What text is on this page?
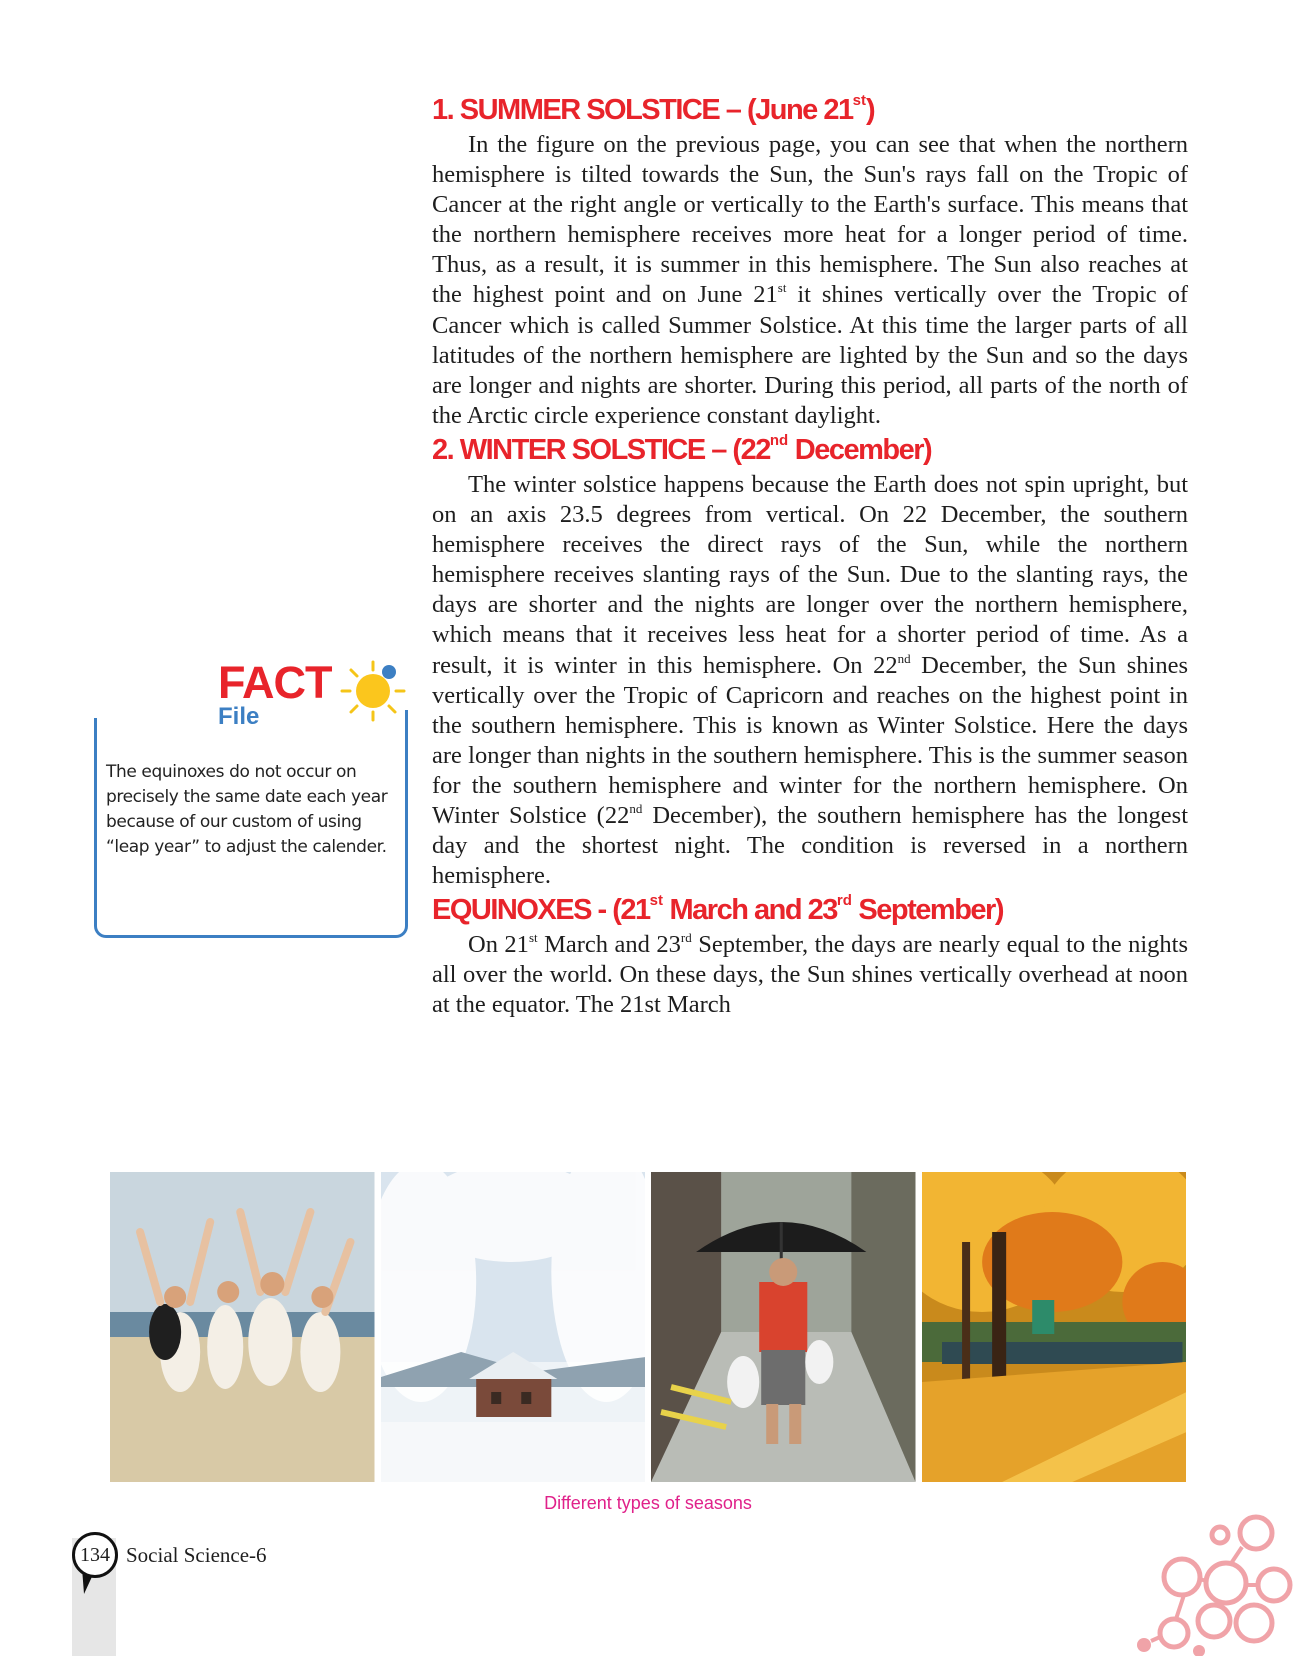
1. SUMMER SOLSTICE – (June 21st)

In the figure on the previous page, you can see that when the northern hemisphere is tilted towards the Sun, the Sun's rays fall on the Tropic of Cancer at the right angle or vertically to the Earth's surface. This means that the northern hemisphere receives more heat for a longer period of time. Thus, as a result, it is summer in this hemisphere. The Sun also reaches at the highest point and on June 21st it shines vertically over the Tropic of Cancer which is called Summer Solstice. At this time the larger parts of all latitudes of the northern hemisphere are lighted by the Sun and so the days are longer and nights are shorter. During this period, all parts of the north of the Arctic circle experience constant daylight.

2. WINTER SOLSTICE – (22nd December)

The winter solstice happens because the Earth does not spin upright, but on an axis 23.5 degrees from vertical. On 22 December, the southern hemisphere receives the direct rays of the Sun, while the northern hemisphere receives slanting rays of the Sun. Due to the slanting rays, the days are shorter and the nights are longer over the northern hemisphere, which means that it receives less heat for a shorter period of time. As a result, it is winter in this hemisphere. On 22nd December, the Sun shines vertically over the Tropic of Capricorn and reaches on the highest point in the southern hemisphere. This is known as Winter Solstice. Here the days are longer than nights in the southern hemisphere. This is the summer season for the southern hemisphere and winter for the northern hemisphere. On Winter Solstice (22nd December), the southern hemisphere has the longest day and the shortest night. The condition is reversed in a northern hemisphere.

EQUINOXES - (21st March and 23rd September)

On 21st March and 23rd September, the days are nearly equal to the nights all over the world. On these days, the Sun shines vertically overhead at noon at the equator. The 21st March

FACT
File
The equinoxes do not occur on precisely the same date each year because of our custom of using “leap year” to adjust the calender.
Different types of seasons
134 Social Science-6
